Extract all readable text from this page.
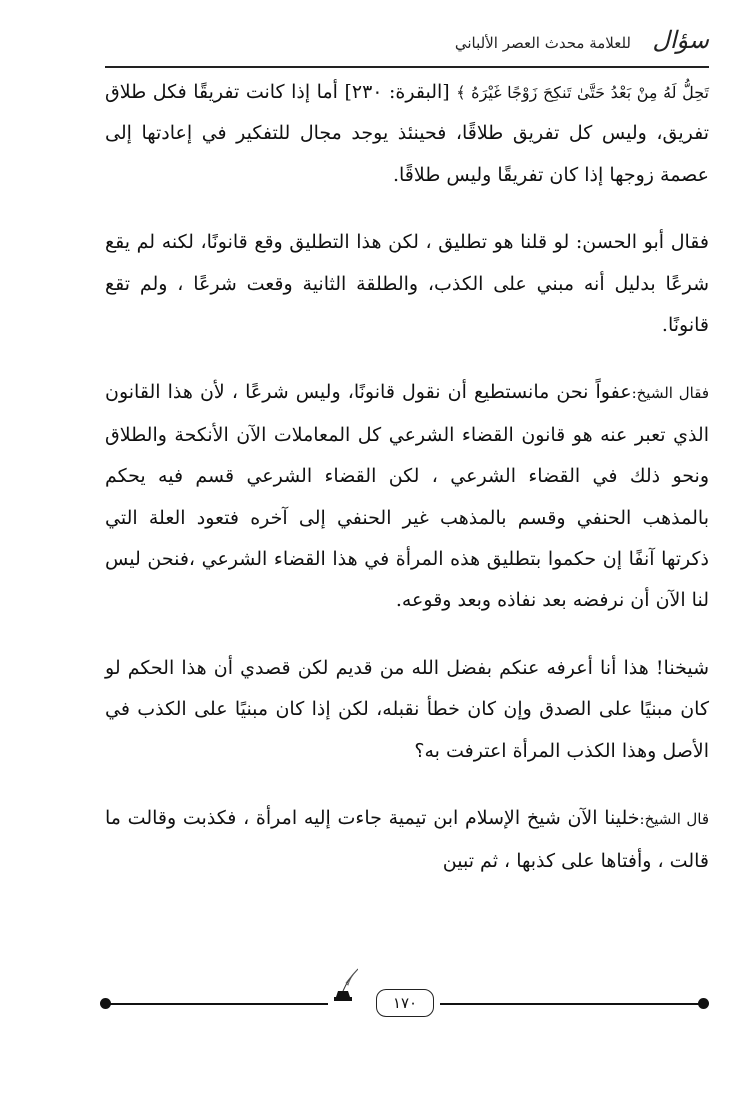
سؤال
للعلامة محدث العصر الألباني

تَحِلُّ لَهُ مِنْ بَعْدُ حَتَّىٰ تَنكِحَ زَوْجًا غَيْرَهُ ﴾ [البقرة: ٢٣٠] أما إذا كانت تفريقًا فكل طلاق تفريق، وليس كل تفريق طلاقًا، فحينئذ يوجد مجال للتفكير في إعادتها إلى عصمة زوجها إذا كان تفريقًا وليس طلاقًا.

فقال أبو الحسن: لو قلنا هو تطليق ، لكن هذا التطليق وقع قانونًا، لكنه لم يقع شرعًا بدليل أنه مبني على الكذب، والطلقة الثانية وقعت شرعًا ، ولم تقع قانونًا.

فقال الشيخ:عفواً نحن مانستطيع أن نقول قانونًا، وليس شرعًا ، لأن هذا القانون الذي تعبر عنه هو قانون القضاء الشرعي كل المعاملات الآن الأنكحة والطلاق ونحو ذلك في القضاء الشرعي ، لكن القضاء الشرعي قسم فيه يحكم بالمذهب الحنفي وقسم بالمذهب غير الحنفي إلى آخره فتعود العلة التي ذكرتها آنفًا إن حكموا بتطليق هذه المرأة في هذا القضاء الشرعي ،فنحن ليس لنا الآن أن نرفضه بعد نفاذه وبعد وقوعه.

شيخنا! هذا أنا أعرفه عنكم بفضل الله من قديم لكن قصدي أن هذا الحكم لو كان مبنيًا على الصدق وإن كان خطأ نقبله، لكن إذا كان مبنيًا على الكذب في الأصل وهذا الكذب المرأة اعترفت به؟

قال الشيخ:خلينا الآن شيخ الإسلام ابن تيمية جاءت إليه امرأة ، فكذبت وقالت ما قالت ، وأفتاها على كذبها ، ثم تبين

١٧٠
